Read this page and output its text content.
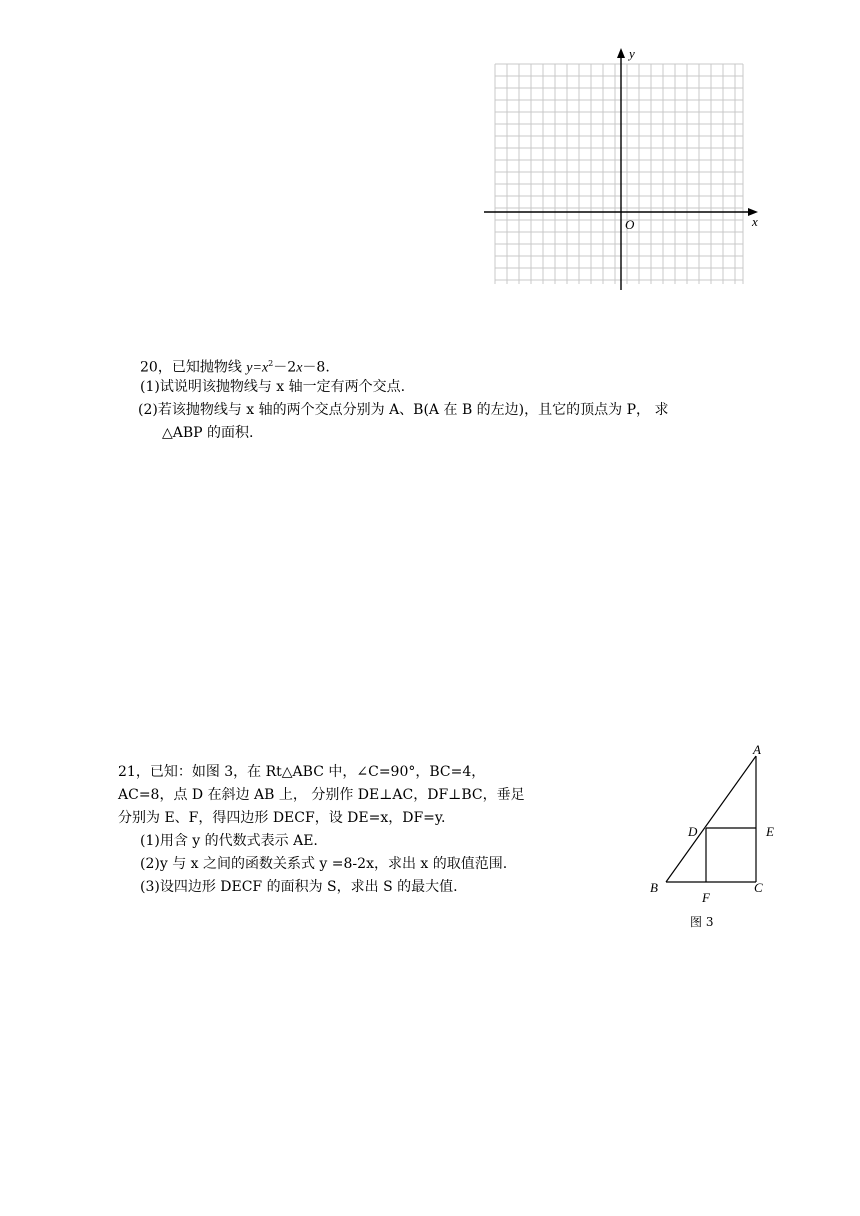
y
x
O
20，已知抛物线 $y=x^2-2x-8$.
(1)试说明该抛物线与 x 轴一定有两个交点.
(2)若该抛物线与 x 轴的两个交点分别为 A、B(A 在 B 的左边)，且它的顶点为 P， 求
△ABP 的面积.
21，已知：如图 3，在 Rt△ABC 中，∠C=90°，BC=4，
AC=8，点 D 在斜边 AB 上， 分别作 DE⊥AC，DF⊥BC，垂足
分别为 E、F，得四边形 DECF，设 DE=x，DF=y.
(1)用含 y 的代数式表示 AE.
(2)y 与 x 之间的函数关系式 y =8-2x，求出 x 的取值范围.
(3)设四边形 DECF 的面积为 S，求出 S 的最大值.
A
B	C
D	E
F
图 3
